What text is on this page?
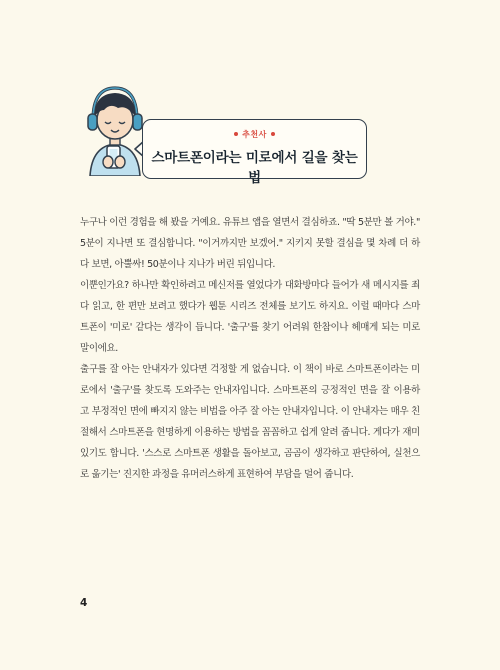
추천사
스마트폰이라는 미로에서 길을 찾는 법

누구나 이런 경험을 해 봤을 거예요. 유튜브 앱을 열면서 결심하죠. "딱 5분만 볼 거야." 5분이 지나면 또 결심합니다. "이거까지만 보겠어." 지키지 못할 결심을 몇 차례 더 하다 보면, 아뿔싸! 50분이나 지나가 버린 뒤입니다.

이뿐인가요? 하나만 확인하려고 메신저를 열었다가 대화방마다 들어가 새 메시지를 죄다 읽고, 한 편만 보려고 했다가 웹툰 시리즈 전체를 보기도 하지요. 이럴 때마다 스마트폰이 '미로' 같다는 생각이 듭니다. '출구'를 찾기 어려워 한참이나 헤매게 되는 미로 말이에요.

출구를 잘 아는 안내자가 있다면 걱정할 게 없습니다. 이 책이 바로 스마트폰이라는 미로에서 '출구'를 찾도록 도와주는 안내자입니다. 스마트폰의 긍정적인 면을 잘 이용하고 부정적인 면에 빠지지 않는 비법을 아주 잘 아는 안내자입니다. 이 안내자는 매우 친절해서 스마트폰을 현명하게 이용하는 방법을 꼼꼼하고 쉽게 알려 줍니다. 게다가 재미있기도 합니다. '스스로 스마트폰 생활을 돌아보고, 곰곰이 생각하고 판단하여, 실천으로 옮기는' 진지한 과정을 유머러스하게 표현하여 부담을 덜어 줍니다.

4
